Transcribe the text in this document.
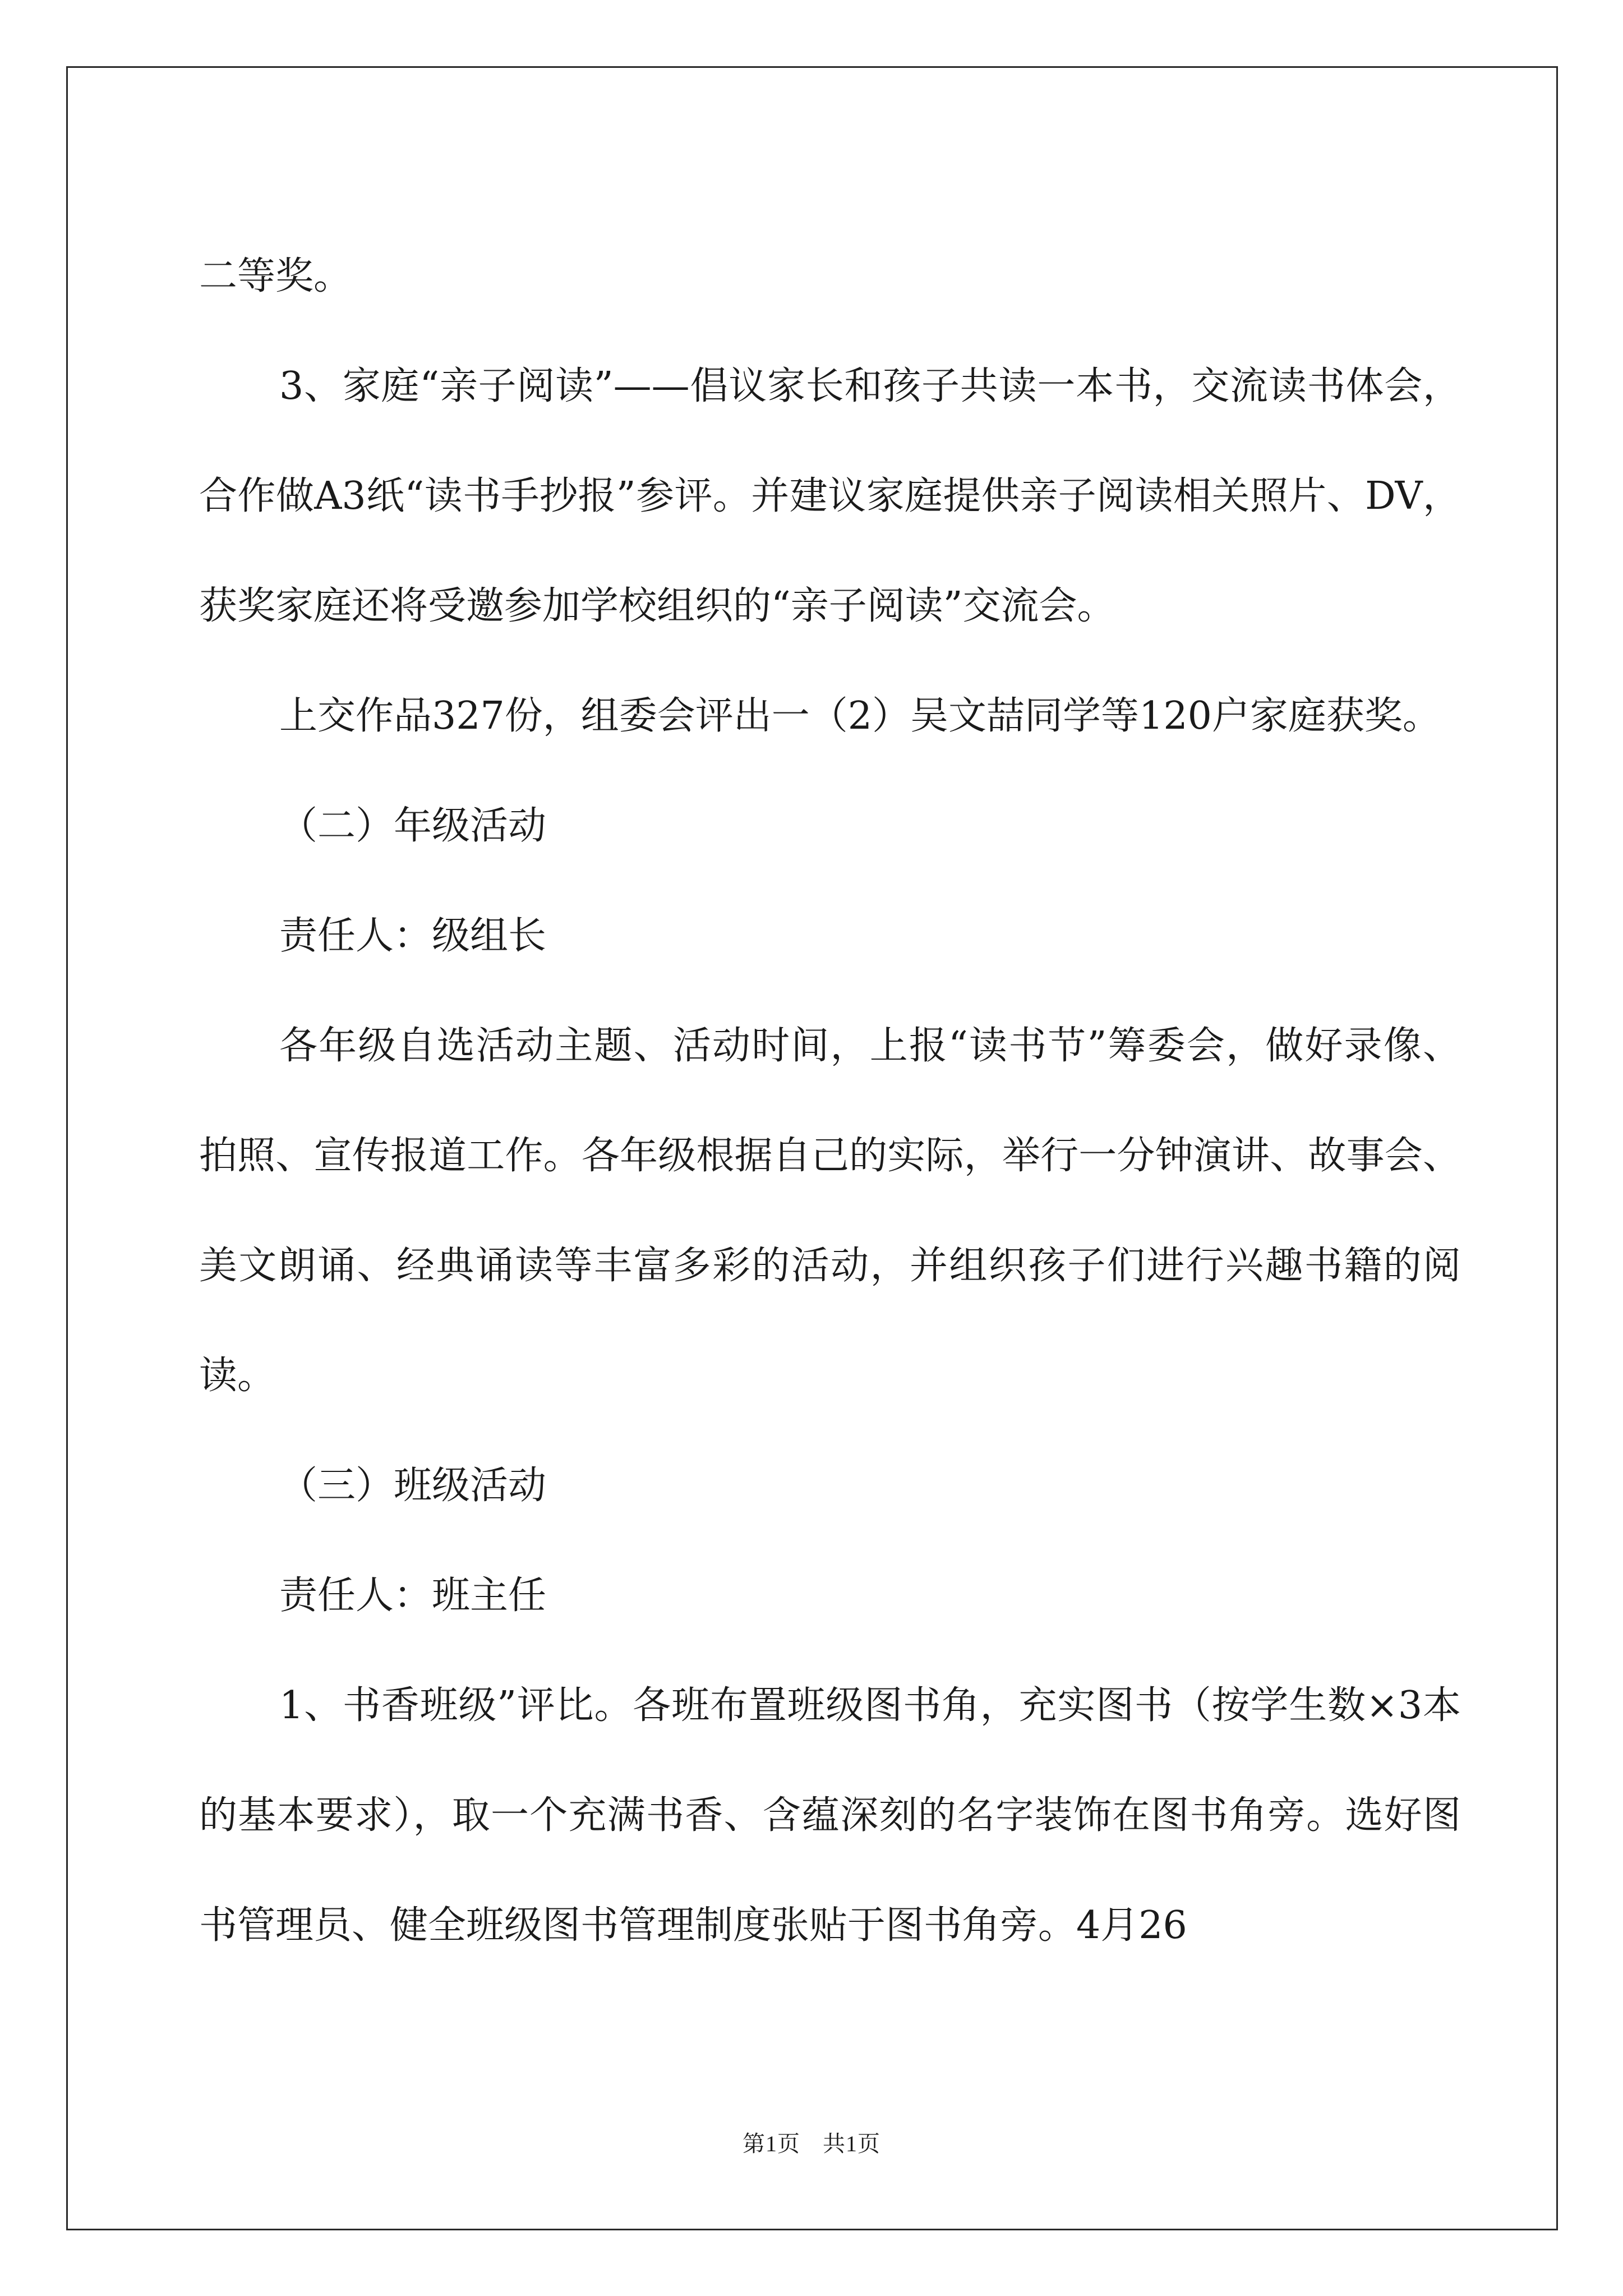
二等奖。

3、家庭“亲子阅读”——倡议家长和孩子共读一本书，交流读书体会，合作做A3纸“读书手抄报”参评。并建议家庭提供亲子阅读相关照片、DV，获奖家庭还将受邀参加学校组织的“亲子阅读”交流会。

上交作品327份，组委会评出一（2）吴文喆同学等120户家庭获奖。

（二）年级活动

责任人：级组长

各年级自选活动主题、活动时间，上报“读书节”筹委会，做好录像、拍照、宣传报道工作。各年级根据自己的实际，举行一分钟演讲、故事会、美文朗诵、经典诵读等丰富多彩的活动，并组织孩子们进行兴趣书籍的阅读。

（三）班级活动

责任人：班主任

1、书香班级”评比。各班布置班级图书角，充实图书（按学生数×3本的基本要求），取一个充满书香、含蕴深刻的名字装饰在图书角旁。选好图书管理员、健全班级图书管理制度张贴于图书角旁。4月26

第1页 共1页
